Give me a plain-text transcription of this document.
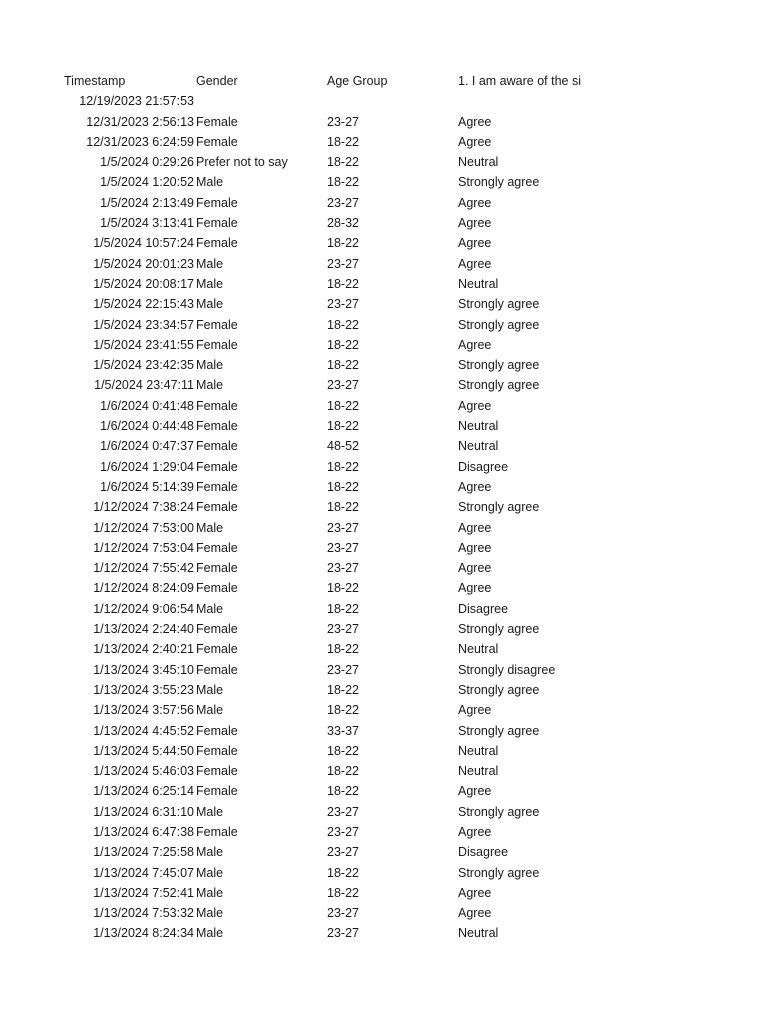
Timestamp	Gender	Age Group	1. I am aware of the si
12/19/2023 21:57:53
12/31/2023 2:56:13 Female	23-27	Agree
12/31/2023 6:24:59 Female	18-22	Agree
1/5/2024 0:29:26 Prefer not to say	18-22	Neutral
1/5/2024 1:20:52 Male	18-22	Strongly agree
1/5/2024 2:13:49 Female	23-27	Agree
1/5/2024 3:13:41 Female	28-32	Agree
1/5/2024 10:57:24 Female	18-22	Agree
1/5/2024 20:01:23 Male	23-27	Agree
1/5/2024 20:08:17 Male	18-22	Neutral
1/5/2024 22:15:43 Male	23-27	Strongly agree
1/5/2024 23:34:57 Female	18-22	Strongly agree
1/5/2024 23:41:55 Female	18-22	Agree
1/5/2024 23:42:35 Male	18-22	Strongly agree
1/5/2024 23:47:11 Male	23-27	Strongly agree
1/6/2024 0:41:48 Female	18-22	Agree
1/6/2024 0:44:48 Female	18-22	Neutral
1/6/2024 0:47:37 Female	48-52	Neutral
1/6/2024 1:29:04 Female	18-22	Disagree
1/6/2024 5:14:39 Female	18-22	Agree
1/12/2024 7:38:24 Female	18-22	Strongly agree
1/12/2024 7:53:00 Male	23-27	Agree
1/12/2024 7:53:04 Female	23-27	Agree
1/12/2024 7:55:42 Female	23-27	Agree
1/12/2024 8:24:09 Female	18-22	Agree
1/12/2024 9:06:54 Male	18-22	Disagree
1/13/2024 2:24:40 Female	23-27	Strongly agree
1/13/2024 2:40:21 Female	18-22	Neutral
1/13/2024 3:45:10 Female	23-27	Strongly disagree
1/13/2024 3:55:23 Male	18-22	Strongly agree
1/13/2024 3:57:56 Male	18-22	Agree
1/13/2024 4:45:52 Female	33-37	Strongly agree
1/13/2024 5:44:50 Female	18-22	Neutral
1/13/2024 5:46:03 Female	18-22	Neutral
1/13/2024 6:25:14 Female	18-22	Agree
1/13/2024 6:31:10 Male	23-27	Strongly agree
1/13/2024 6:47:38 Female	23-27	Agree
1/13/2024 7:25:58 Male	23-27	Disagree
1/13/2024 7:45:07 Male	18-22	Strongly agree
1/13/2024 7:52:41 Male	18-22	Agree
1/13/2024 7:53:32 Male	23-27	Agree
1/13/2024 8:24:34 Male	23-27	Neutral
